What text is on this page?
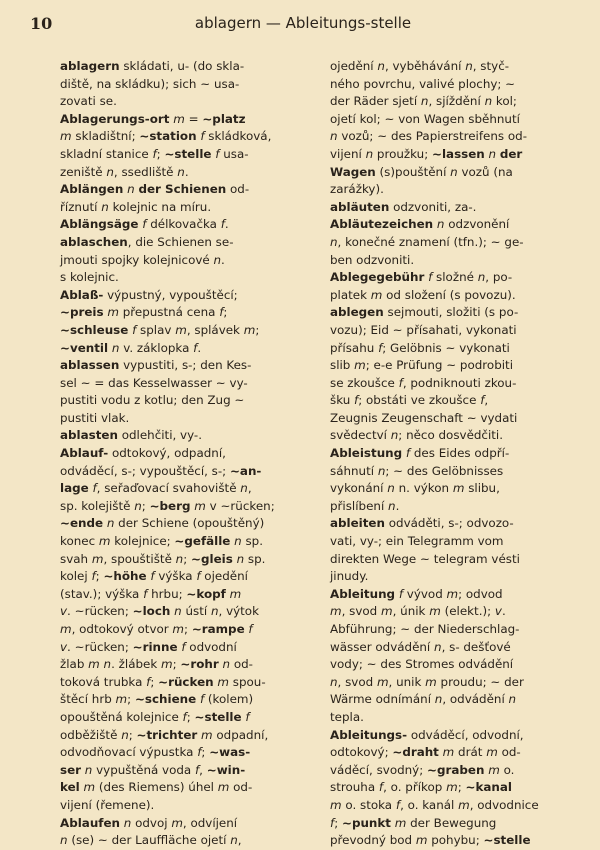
10	ablagern — Ableitungs-stelle
ablagern skládati, u- (do skla-
diště, na skládku); sich ~ usa-
zovati se.
Ablagerungs-ort m = ~platz
m skladištní; ~station f skládková,
skladní stanice f; ~stelle f usa-
zeniště n, ssedliště n.
Ablängen n der Schienen od-
říznutí n kolejnic na míru.
Ablängsäge f délkovačka f.
ablaschen, die Schienen se-
jmouti spojky kolejnicové n.
s kolejnic.
Ablaß- výpustný, vypouštěcí;
~preis m přepustná cena f;
~schleuse f splav m, splávek m;
~ventil n v. záklopka f.
ablassen vypustiti, s-; den Kes-
sel ~ = das Kesselwasser ~ vy-
pustiti vodu z kotlu; den Zug ~
pustiti vlak.
ablasten odlehčiti, vy-.
Ablauf- odtokový, odpadní,
odváděcí, s-; vypouštěcí, s-; ~an-
lage f, seřaďovací svahoviště n,
sp. kolejiště n; ~berg m v ~rücken;
~ende n der Schiene (opouštěný)
konec m kolejnice; ~gefälle n sp.
svah m, spouštiště n; ~gleis n sp.
kolej f; ~höhe f výška f ojedění
(stav.); výška f hrbu; ~kopf m
v. ~rücken; ~loch n ústí n, výtok
m, odtokový otvor m; ~rampe f
v. ~rücken; ~rinne f odvodní
žlab m n. žlábek m; ~rohr n od-
toková trubka f; ~rücken m spou-
štěcí hrb m; ~schiene f (kolem)
opouštěná kolejnice f; ~stelle f
odběžiště n; ~trichter m odpadní,
odvodňovací výpustka f; ~was-
ser n vypuštěná voda f, ~win-
kel m (des Riemens) úhel m od-
vijení (řemene).
Ablaufen n odvoj m, odvíjení
n (se) ~ der Lauffläche ojetí n,
ojedění n, vyběhávání n, styč-
ného povrchu, valivé plochy; ~
der Räder sjetí n, sjíždění n kol;
ojetí kol; ~ von Wagen sběhnutí
n vozů; ~ des Papierstreifens od-
vijení n proužku; ~lassen n der
Wagen (s)pouštění n vozů (na
zarážky).
abläuten odzvoniti, za-.
Abläutezeichen n odzvonění
n, konečné znamení (tfn.); ~ ge-
ben odzvoniti.
Ablegegebühr f složné n, po-
platek m od složení (s povozu).
ablegen sejmouti, složiti (s po-
vozu); Eid ~ přísahati, vykonati
přísahu f; Gelöbnis ~ vykonati
slib m; e-e Prüfung ~ podrobiti
se zkoušce f, podniknouti zkou-
šku f; obstáti ve zkoušce f,
Zeugnis Zeugenschaft ~ vydati
svědectví n; něco dosvědčiti.
Ableistung f des Eides odpří-
sáhnutí n; ~ des Gelöbnisses
vykonání n n. výkon m slibu,
přislíbení n.
ableiten odváděti, s-; odvozo-
vati, vy-; ein Telegramm vom
direkten Wege ~ telegram vésti
jinudy.
Ableitung f vývod m; odvod
m, svod m, únik m (elekt.); v.
Abführung; ~ der Niederschlag-
wässer odvádění n, s- dešťové
vody; ~ des Stromes odvádění
n, svod m, unik m proudu; ~ der
Wärme odnímání n, odvádění n
tepla.
Ableitungs- odváděcí, odvodní,
odtokový; ~draht m drát m od-
váděcí, svodný; ~graben m o.
strouha f, o. příkop m; ~kanal
m o. stoka f, o. kanál m, odvodnice
f; ~punkt m der Bewegung
převodný bod m pohybu; ~stelle
